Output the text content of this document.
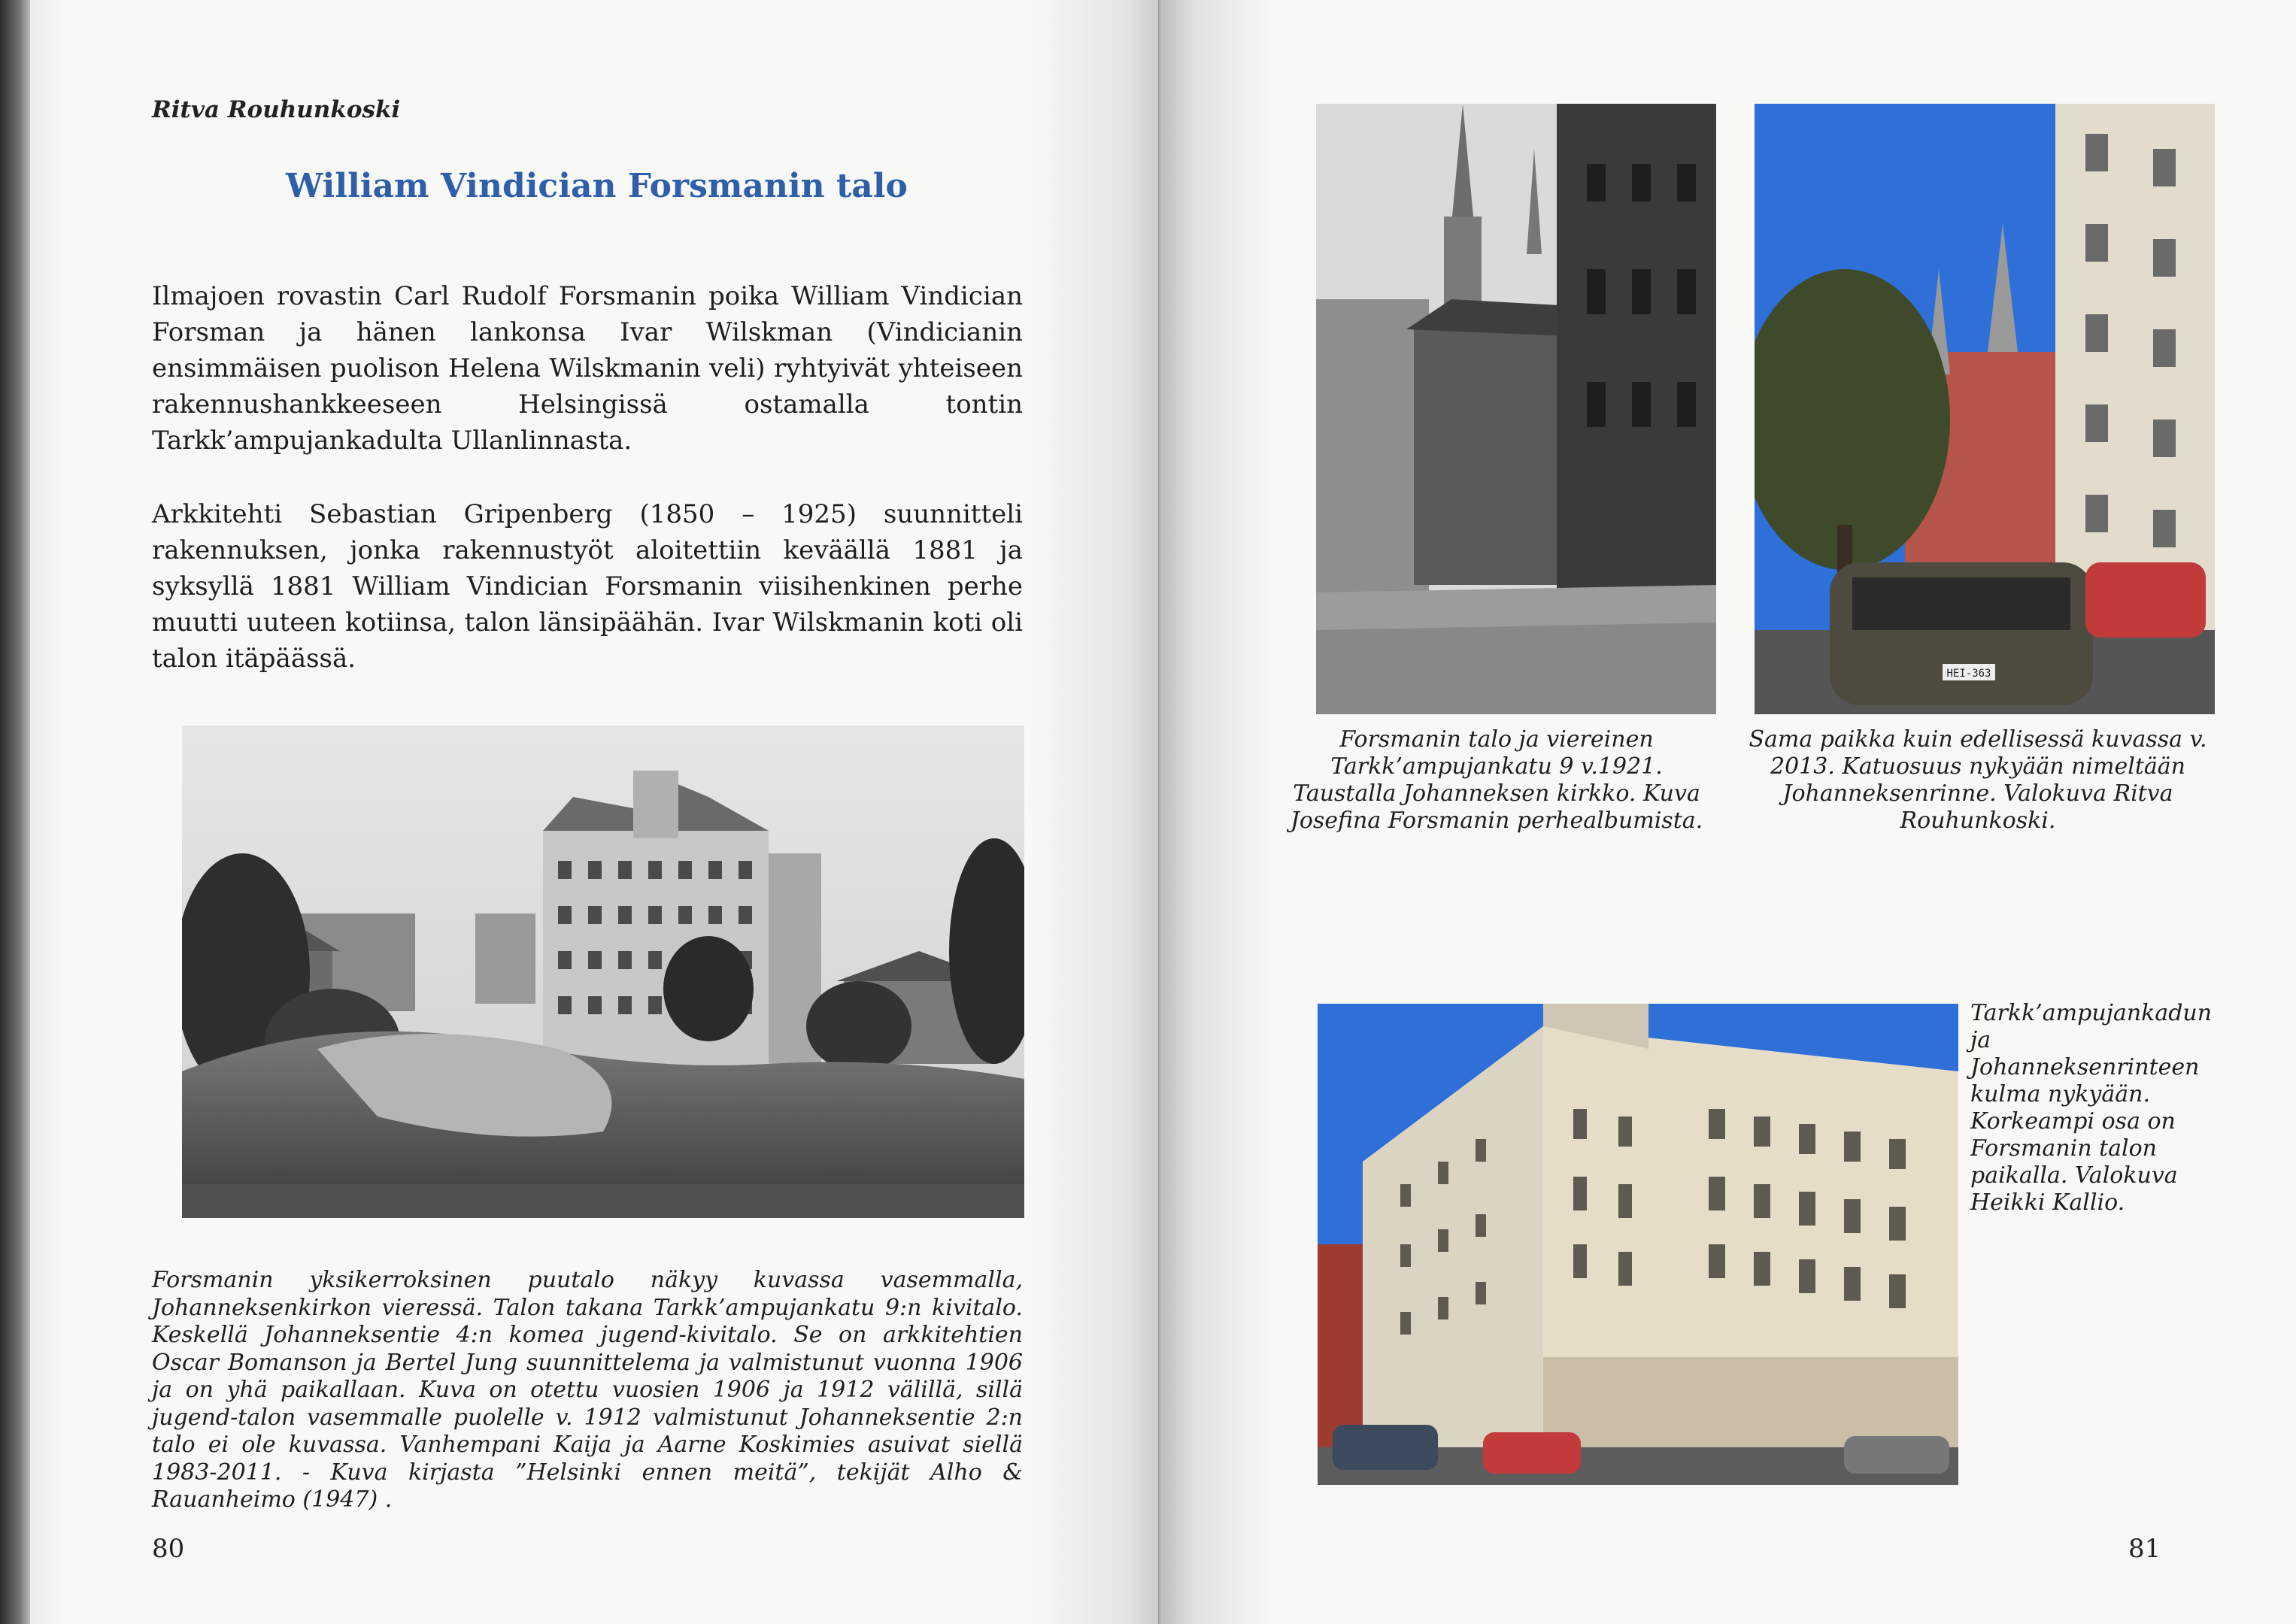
Ritva Rouhunkoski
William Vindician Forsmanin talo
Ilmajoen rovastin Carl Rudolf Forsmanin poika William Vindician Forsman ja hänen lankonsa Ivar Wilskman (Vindicianin ensimmäisen puolison Helena Wilskmanin veli) ryhtyivät yhteiseen rakennushankkeeseen Helsingissä ostamalla tontin Tarkk’ampujankadulta Ullanlinnasta.
Arkkitehti Sebastian Gripenberg (1850 – 1925) suunnitteli rakennuksen, jonka rakennustyöt aloitettiin keväällä 1881 ja syksyllä 1881 William Vindician Forsmanin viisihenkinen perhe muutti uuteen kotiinsa, talon länsipäähän. Ivar Wilskmanin koti oli talon itäpäässä.
Forsmanin yksikerroksinen puutalo näkyy kuvassa vasemmalla, Johanneksenkirkon vieressä. Talon takana Tarkk’ampujankatu 9:n kivitalo. Keskellä Johanneksentie 4:n komea jugend-kivitalo. Se on arkkitehtien Oscar Bomanson ja Bertel Jung suunnittelema ja valmistunut vuonna 1906 ja on yhä paikallaan. Kuva on otettu vuosien 1906 ja 1912 välillä, sillä jugend-talon vasemmalle puolelle v. 1912 valmistunut Johanneksentie 2:n talo ei ole kuvassa. Vanhempani Kaija ja Aarne Koskimies asuivat siellä 1983-2011. - Kuva kirjasta ”Helsinki ennen meitä”, tekijät Alho & Rauanheimo (1947) .
80
HEI-363
Forsmanin talo ja viereinen Tarkk’ampujankatu 9 v.1921. Taustalla Johanneksen kirkko. Kuva Josefina Forsmanin perhealbumista.
Sama paikka kuin edellisessä kuvassa v. 2013. Katuosuus nykyään nimeltään Johanneksenrinne. Valokuva Ritva Rouhunkoski.
Tarkk’ampujankadun ja Johanneksenrinteen kulma nykyään. Korkeampi osa on Forsmanin talon paikalla. Valokuva Heikki Kallio.
81
